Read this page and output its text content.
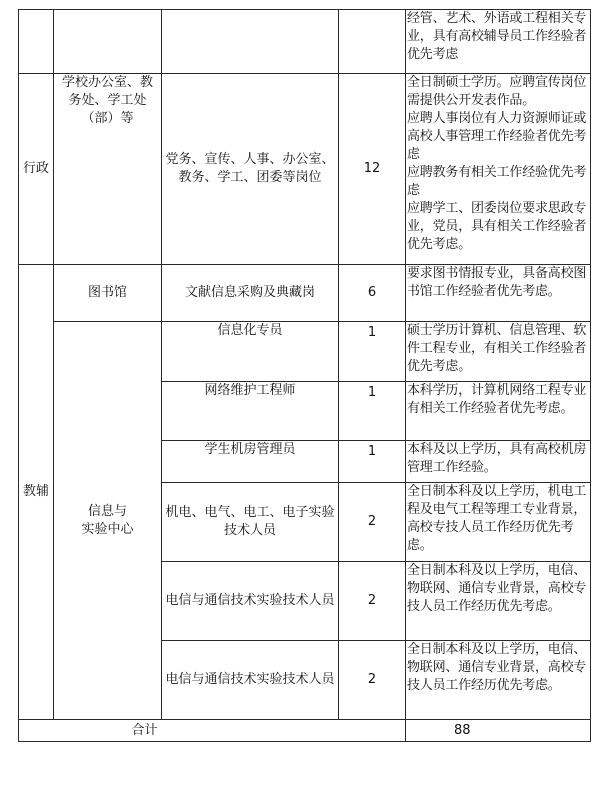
				经管、艺术、外语或工程相关专业，具有高校辅导员工作经验者优先考虑

行政	学校办公室、教务处、学工处（部）等	党务、宣传、人事、办公室、教务、学工、团委等岗位	12	全日制硕士学历。应聘宣传岗位需提供公开发表作品。
应聘人事岗位有人力资源师证或高校人事管理工作经验者优先考虑
应聘教务有相关工作经验优先考虑
应聘学工、团委岗位要求思政专业，党员，具有相关工作经验者优先考虑。

教辅	图书馆	文献信息采购及典藏岗	6	要求图书情报专业，具备高校图书馆工作经验者优先考虑。

	信息与
实验中心	信息化专员	1	硕士学历计算机、信息管理、软件工程专业，有相关工作经验者优先考虑。

		网络维护工程师	1	本科学历，计算机网络工程专业有相关工作经验者优先考虑。

		学生机房管理员	1	本科及以上学历，具有高校机房管理工作经验。

		机电、电气、电工、电子实验　　技术人员	2	全日制本科及以上学历，机电工程及电气工程等理工专业背景，高校专技人员工作经历优先考虑。

		电信与通信技术实验技术人员	2	全日制本科及以上学历，电信、物联网、通信专业背景，高校专技人员工作经历优先考虑。

		电信与通信技术实验技术人员	2	全日制本科及以上学历，电信、物联网、通信专业背景，高校专技人员工作经历优先考虑。

合计				88
